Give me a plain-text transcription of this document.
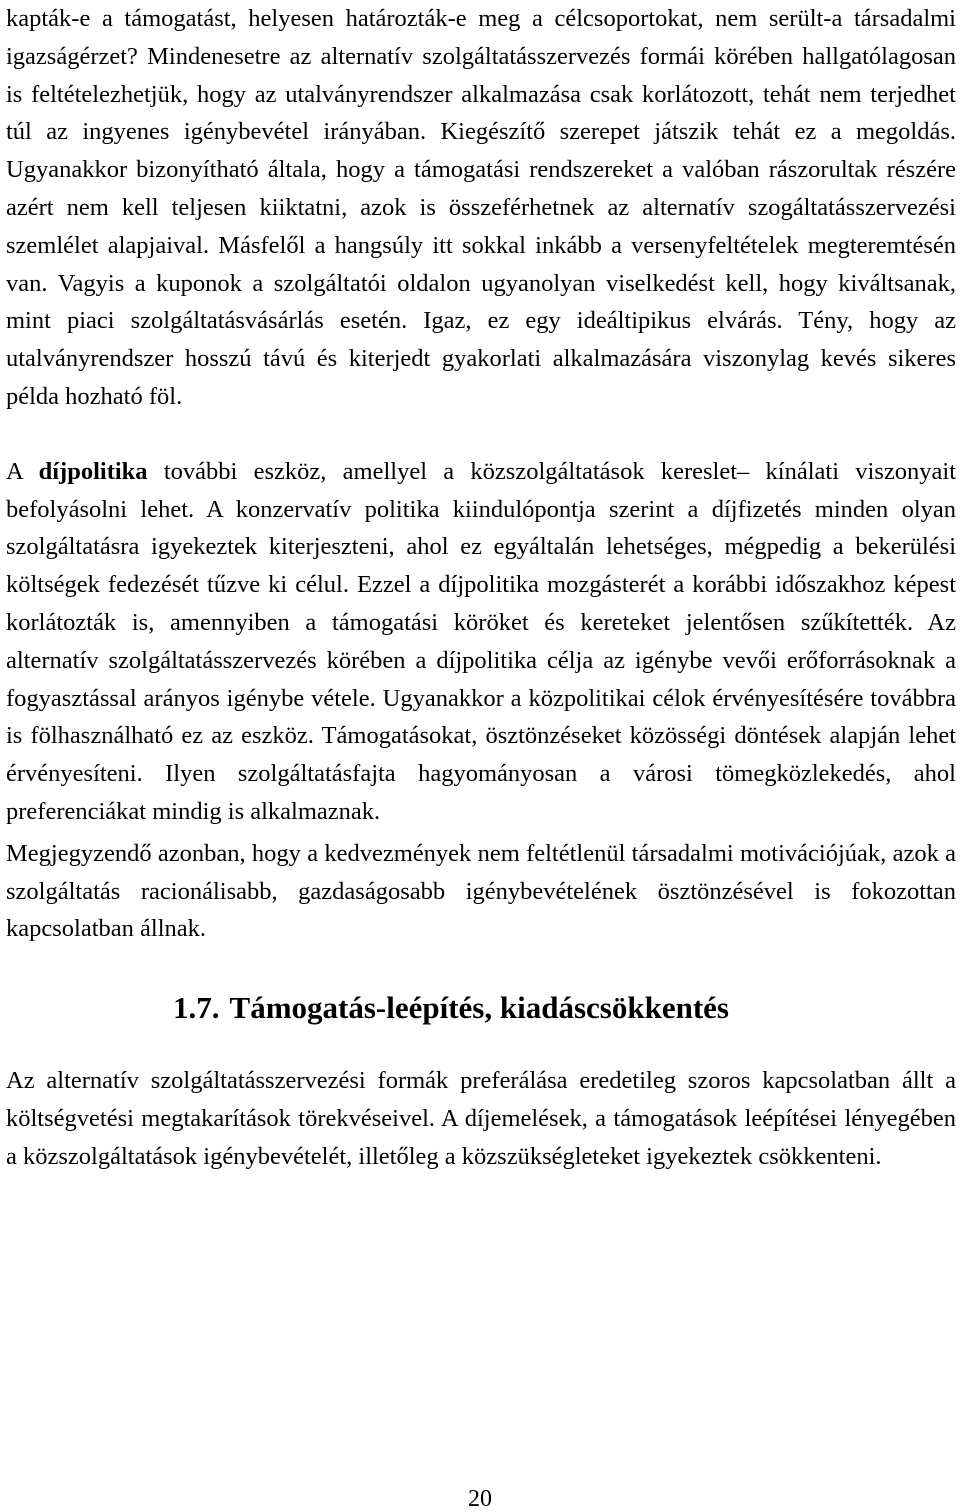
kapták-e a támogatást, helyesen határozták-e meg a célcsoportokat, nem serült-a társadalmi igazságérzet? Mindenesetre az alternatív szolgáltatásszervezés formái körében hallgatólagosan is feltételezhetjük, hogy az utalványrendszer alkalmazása csak korlátozott, tehát nem terjedhet túl az ingyenes igénybevétel irányában. Kiegészítő szerepet játszik tehát ez a megoldás. Ugyanakkor bizonyítható általa, hogy a támogatási rendszereket a valóban rászorultak részére azért nem kell teljesen kiiktatni, azok is összeférhetnek az alternatív szogáltatásszervezési szemlélet alapjaival. Másfelől a hangsúly itt sokkal inkább a versenyfeltételek megteremtésén van. Vagyis a kuponok a szolgáltatói oldalon ugyanolyan viselkedést kell, hogy kiváltsanak, mint piaci szolgáltatásvásárlás esetén. Igaz, ez egy ideáltipikus elvárás. Tény, hogy az utalványrendszer hosszú távú és kiterjedt gyakorlati alkalmazására viszonylag kevés sikeres példa hozható föl.

A díjpolitika további eszköz, amellyel a közszolgáltatások kereslet– kínálati viszonyait befolyásolni lehet. A konzervatív politika kiindulópontja szerint a díjfizetés minden olyan szolgáltatásra igyekeztek kiterjeszteni, ahol ez egyáltalán lehetséges, mégpedig a bekerülési költségek fedezését tűzve ki célul. Ezzel a díjpolitika mozgásterét a korábbi időszakhoz képest korlátozták is, amennyiben a támogatási köröket és kereteket jelentősen szűkítették. Az alternatív szolgáltatásszervezés körében a díjpolitika célja az igénybe vevői erőforrásoknak a fogyasztással arányos igénybe vétele. Ugyanakkor a közpolitikai célok érvényesítésére továbbra is fölhasználható ez az eszköz. Támogatásokat, ösztönzéseket közösségi döntések alapján lehet érvényesíteni. Ilyen szolgáltatásfajta hagyományosan a városi tömegközlekedés, ahol preferenciákat mindig is alkalmaznak.

Megjegyzendő azonban, hogy a kedvezmények nem feltétlenül társadalmi motivációjúak, azok a szolgáltatás racionálisabb, gazdaságosabb igénybevételének ösztönzésével is fokozottan kapcsolatban állnak.

1.7. Támogatás-leépítés, kiadáscsökkentés

Az alternatív szolgáltatásszervezési formák preferálása eredetileg szoros kapcsolatban állt a költségvetési megtakarítások törekvéseivel. A díjemelések, a támogatások leépítései lényegében a közszolgáltatások igénybevételét, illetőleg a közszükségleteket igyekeztek csökkenteni.

20
